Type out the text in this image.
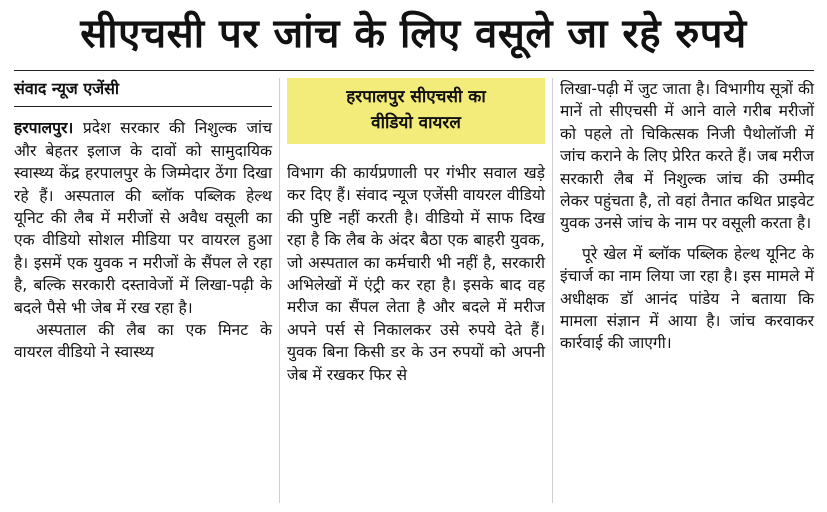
सीएचसी पर जांच के लिए वसूले जा रहे रुपये
संवाद न्यूज एजेंसी

हरपालपुर। प्रदेश सरकार की निशुल्क जांच और बेहतर इलाज के दावों को सामुदायिक स्वास्थ्य केंद्र हरपालपुर के जिम्मेदार ठेंगा दिखा रहे हैं। अस्पताल की ब्लॉक पब्लिक हेल्थ यूनिट की लैब में मरीजों से अवैध वसूली का एक वीडियो सोशल मीडिया पर वायरल हुआ है। इसमें एक युवक न मरीजों के सैंपल ले रहा है, बल्कि सरकारी दस्तावेजों में लिखा-पढ़ी के बदले पैसे भी जेब में रख रहा है।

अस्पताल की लैब का एक मिनट के वायरल वीडियो ने स्वास्थ्य

हरपालपुर सीएचसी का
वीडियो वायरल

विभाग की कार्यप्रणाली पर गंभीर सवाल खड़े कर दिए हैं। संवाद न्यूज एजेंसी वायरल वीडियो की पुष्टि नहीं करती है। वीडियो में साफ दिख रहा है कि लैब के अंदर बैठा एक बाहरी युवक, जो अस्पताल का कर्मचारी भी नहीं है, सरकारी अभिलेखों में एंट्री कर रहा है। इसके बाद वह मरीज का सैंपल लेता है और बदले में मरीज अपने पर्स से निकालकर उसे रुपये देते हैं। युवक बिना किसी डर के उन रुपयों को अपनी जेब में रखकर फिर से

लिखा-पढ़ी में जुट जाता है। विभागीय सूत्रों की मानें तो सीएचसी में आने वाले गरीब मरीजों को पहले तो चिकित्सक निजी पैथोलॉजी में जांच कराने के लिए प्रेरित करते हैं। जब मरीज सरकारी लैब में निशुल्क जांच की उम्मीद लेकर पहुंचता है, तो वहां तैनात कथित प्राइवेट युवक उनसे जांच के नाम पर वसूली करता है।

पूरे खेल में ब्लॉक पब्लिक हेल्थ यूनिट के इंचार्ज का नाम लिया जा रहा है। इस मामले में अधीक्षक डॉ आनंद पांडेय ने बताया कि मामला संज्ञान में आया है। जांच करवाकर कार्रवाई की जाएगी।
